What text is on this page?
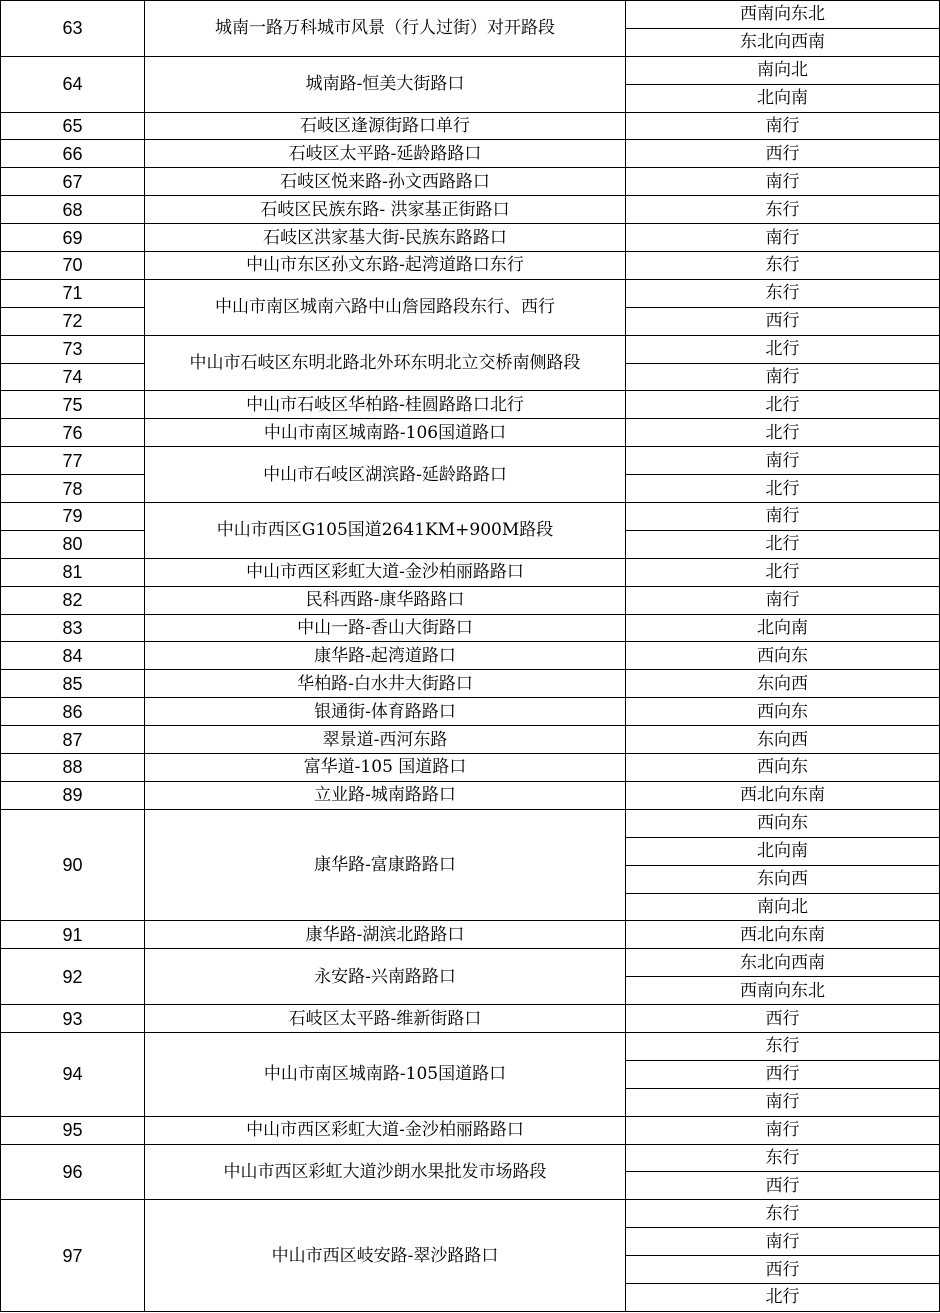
63	城南一路万科城市风景（行人过街）对开路段	西南向东北
		东北向西南
64	城南路-恒美大街路口	南向北
		北向南
65	石岐区逢源街路口单行	南行
66	石岐区太平路-延龄路路口	西行
67	石岐区悦来路-孙文西路路口	南行
68	石岐区民族东路- 洪家基正街路口	东行
69	石岐区洪家基大街-民族东路路口	南行
70	中山市东区孙文东路-起湾道路口东行	东行
71	中山市南区城南六路中山詹园路段东行、西行	东行
72		西行
73	中山市石岐区东明北路北外环东明北立交桥南侧路段	北行
74		南行
75	中山市石岐区华柏路-桂圆路路口北行	北行
76	中山市南区城南路-106国道路口	北行
77	中山市石岐区湖滨路-延龄路路口	南行
78		北行
79	中山市西区G105国道2641KM+900M路段	南行
80		北行
81	中山市西区彩虹大道-金沙柏丽路路口	北行
82	民科西路-康华路路口	南行
83	中山一路-香山大街路口	北向南
84	康华路-起湾道路口	西向东
85	华柏路-白水井大街路口	东向西
86	银通街-体育路路口	西向东
87	翠景道-西河东路	东向西
88	富华道-105 国道路口	西向东
89	立业路-城南路路口	西北向东南
90	康华路-富康路路口	西向东
		北向南
		东向西
		南向北
91	康华路-湖滨北路路口	西北向东南
92	永安路-兴南路路口	东北向西南
		西南向东北
93	石岐区太平路-维新街路口	西行
94	中山市南区城南路-105国道路口	东行
		西行
		南行
95	中山市西区彩虹大道-金沙柏丽路路口	南行
96	中山市西区彩虹大道沙朗水果批发市场路段	东行
		西行
97	中山市西区岐安路-翠沙路路口	东行
		南行
		西行
		北行
